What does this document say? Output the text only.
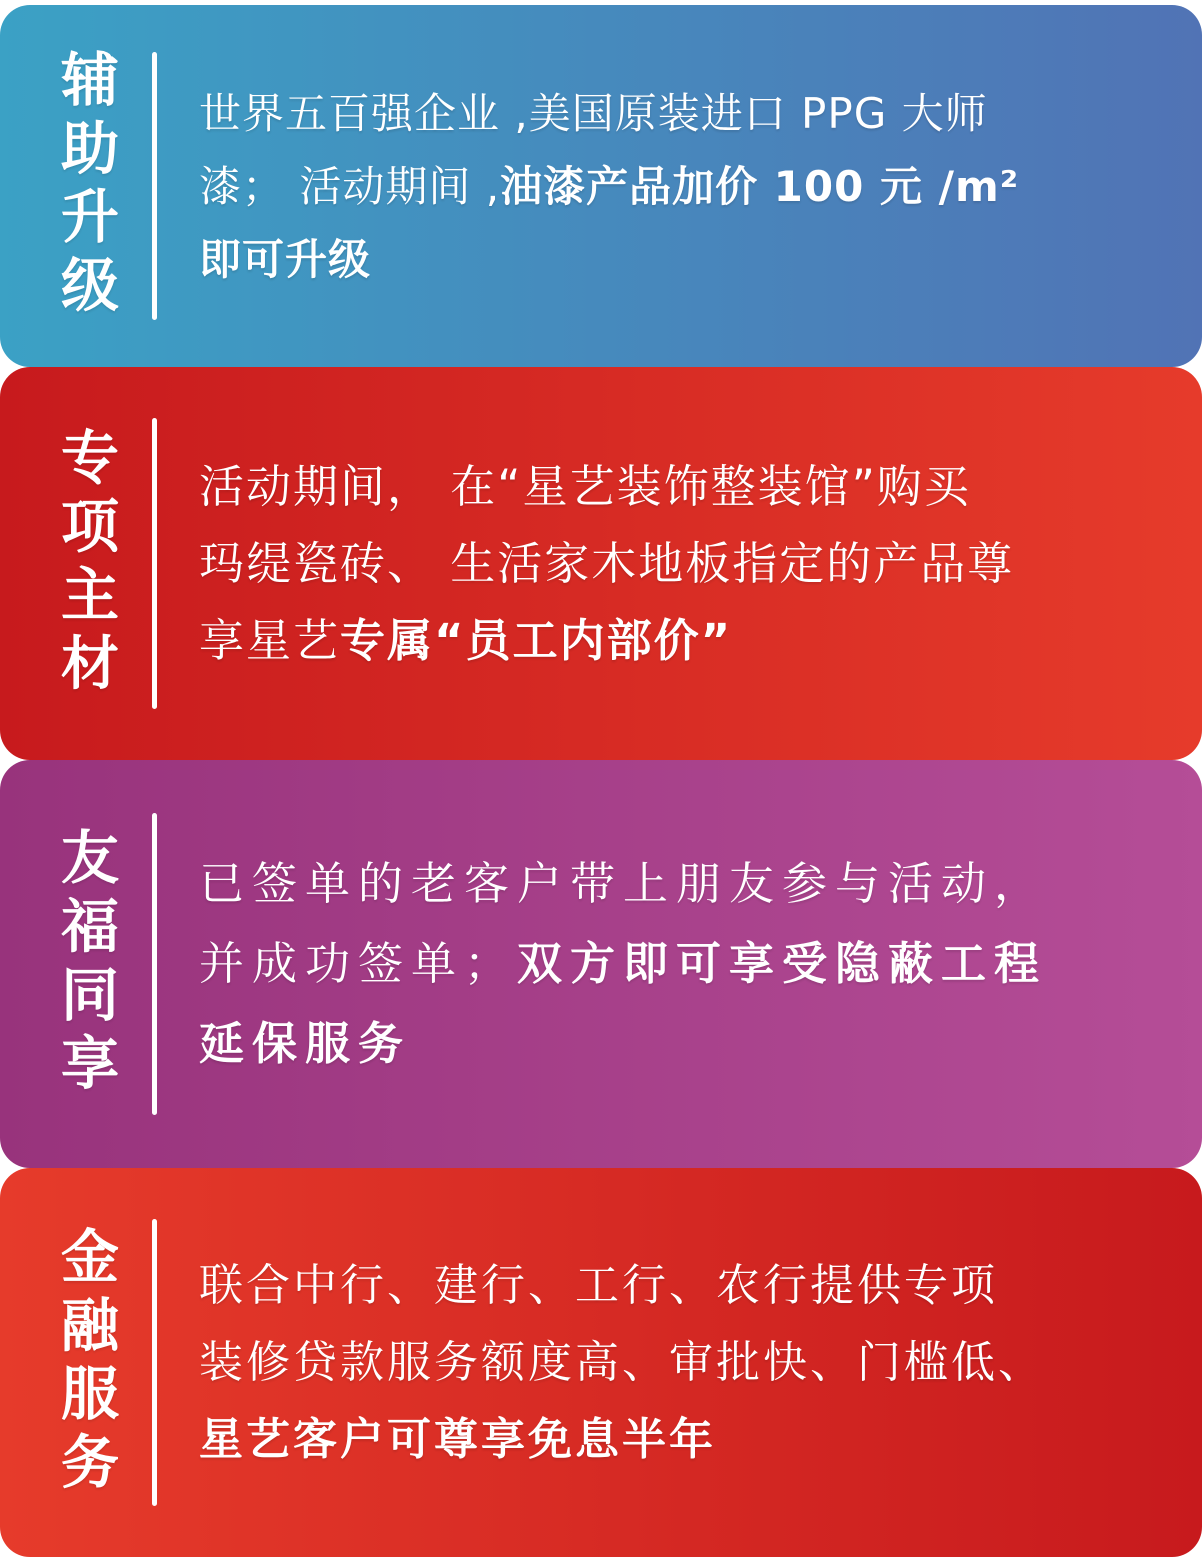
辅助升级 世界五百强企业 ,美国原装进口 PPG 大师
漆； 活动期间 ,油漆产品加价 100 元 /m²
即可升级
专项主材 活动期间， 在“星艺装饰整装馆”购买
玛缇瓷砖、 生活家木地板指定的产品尊
享星艺专属“员工内部价”
友福同享 已签单的老客户带上朋友参与活动，
并成功签单；双方即可享受隐蔽工程
延保服务
金融服务 联合中行、建行、工行、农行提供专项
装修贷款服务额度高、审批快、门槛低、
星艺客户可尊享免息半年
